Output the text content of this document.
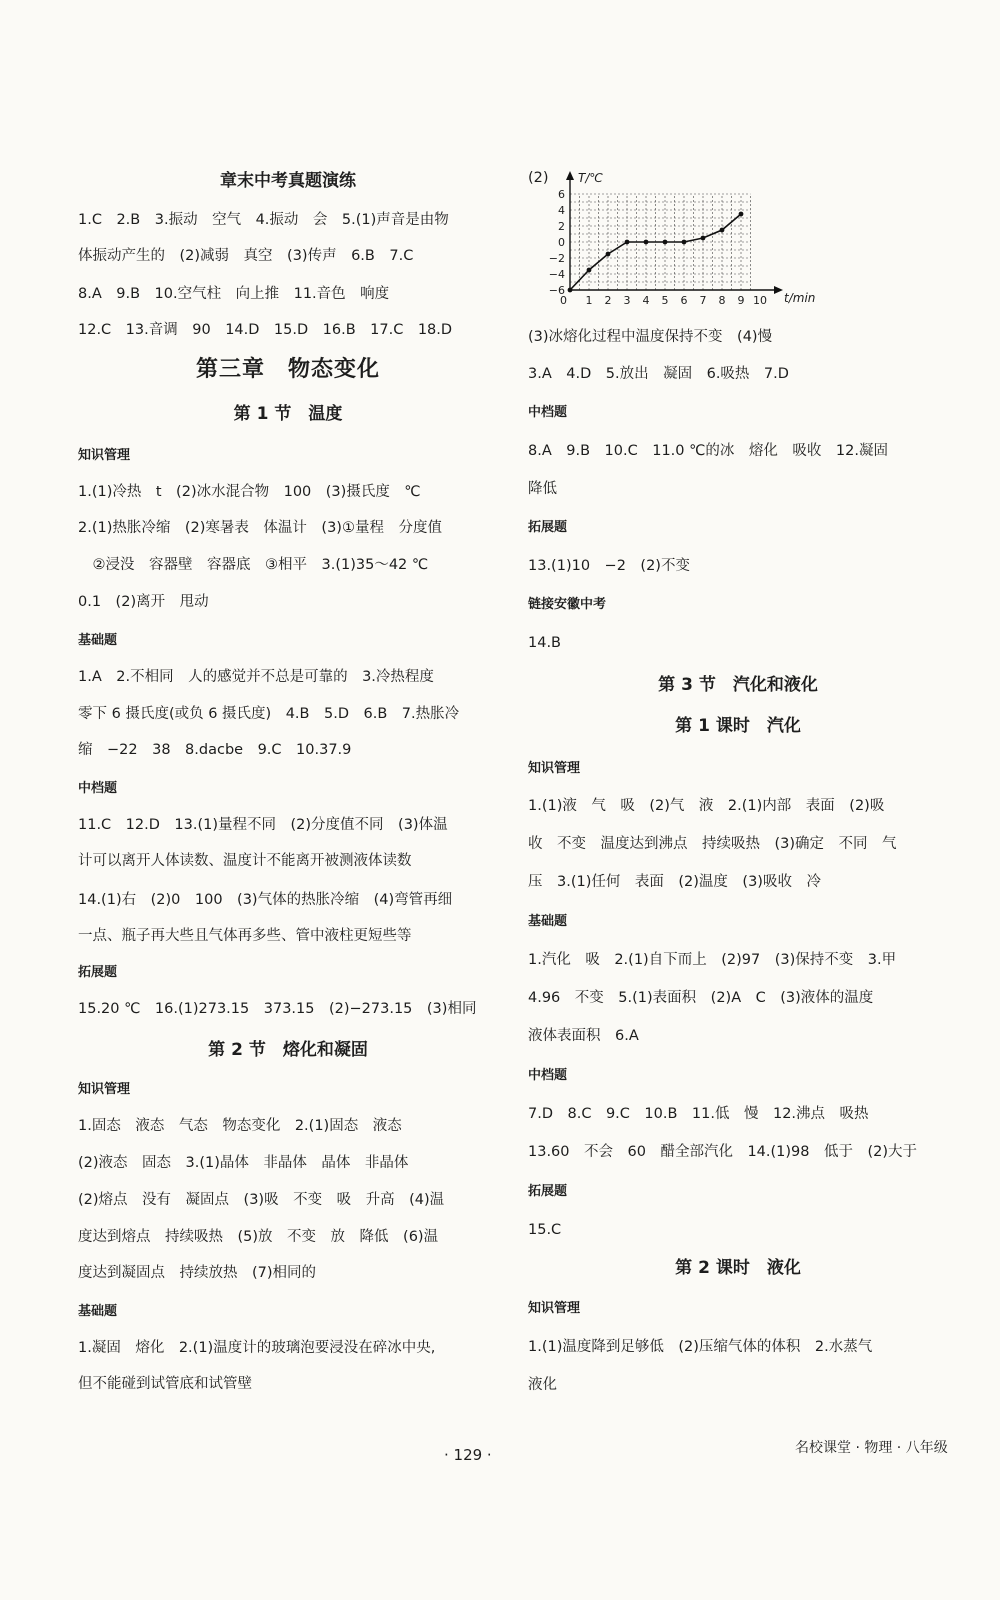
章末中考真题演练
1.C　2.B　3.振动　空气　4.振动　会　5.(1)声音是由物
体振动产生的　(2)减弱　真空　(3)传声　6.B　7.C
8.A　9.B　10.空气柱　向上推　11.音色　响度
12.C　13.音调　90　14.D　15.D　16.B　17.C　18.D
第三章　物态变化
第 1 节　温度
知识管理
1.(1)冷热　t　(2)冰水混合物　100　(3)摄氏度　℃
2.(1)热胀冷缩　(2)寒暑表　体温计　(3)①量程　分度值
　②浸没　容器壁　容器底　③相平　3.(1)35～42 ℃
0.1　(2)离开　甩动
基础题
1.A　2.不相同　人的感觉并不总是可靠的　3.冷热程度
零下 6 摄氏度(或负 6 摄氏度)　4.B　5.D　6.B　7.热胀冷
缩　−22　38　8.dacbe　9.C　10.37.9
中档题
11.C　12.D　13.(1)量程不同　(2)分度值不同　(3)体温
计可以离开人体读数、温度计不能离开被测液体读数
14.(1)右　(2)0　100　(3)气体的热胀冷缩　(4)弯管再细
一点、瓶子再大些且气体再多些、管中液柱更短些等
拓展题
15.20 ℃　16.(1)273.15　373.15　(2)−273.15　(3)相同
第 2 节　熔化和凝固
知识管理
1.固态　液态　气态　物态变化　2.(1)固态　液态
(2)液态　固态　3.(1)晶体　非晶体　晶体　非晶体
(2)熔点　没有　凝固点　(3)吸　不变　吸　升高　(4)温
度达到熔点　持续吸热　(5)放　不变　放　降低　(6)温
度达到凝固点　持续放热　(7)相同的
基础题
1.凝固　熔化　2.(1)温度计的玻璃泡要浸没在碎冰中央,
但不能碰到试管底和试管壁
(2)
(3)冰熔化过程中温度保持不变　(4)慢
3.A　4.D　5.放出　凝固　6.吸热　7.D
中档题
8.A　9.B　10.C　11.0 ℃的冰　熔化　吸收　12.凝固
降低
拓展题
13.(1)10　−2　(2)不变
链接安徽中考
14.B
第 3 节　汽化和液化
第 1 课时　汽化
知识管理
1.(1)液　气　吸　(2)气　液　2.(1)内部　表面　(2)吸
收　不变　温度达到沸点　持续吸热　(3)确定　不同　气
压　3.(1)任何　表面　(2)温度　(3)吸收　冷
基础题
1.汽化　吸　2.(1)自下而上　(2)97　(3)保持不变　3.甲
4.96　不变　5.(1)表面积　(2)A　C　(3)液体的温度
液体表面积　6.A
中档题
7.D　8.C　9.C　10.B　11.低　慢　12.沸点　吸热
13.60　不会　60　醋全部汽化　14.(1)98　低于　(2)大于
拓展题
15.C
第 2 课时　液化
知识管理
1.(1)温度降到足够低　(2)压缩气体的体积　2.水蒸气
液化
−6
−4
−2
0
2
4
6
1 2 3 4 5 6 7 8 9 10
0
T/℃
t/min
· 129 ·	名校课堂 · 物理 · 八年级
